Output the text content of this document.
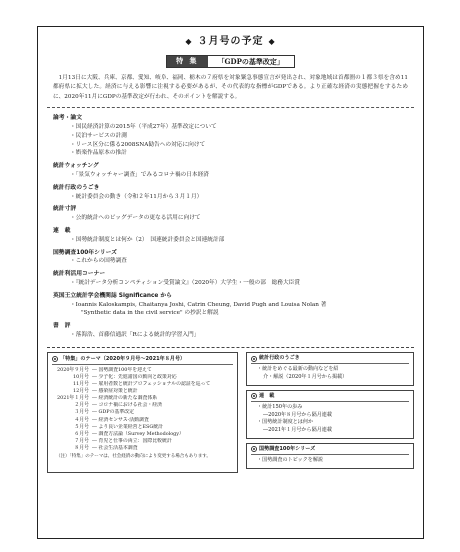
◆ ３月号の予定 ◆
特 集	「GDPの基準改定」

1月13日に大阪、兵庫、京都、愛知、岐阜、福岡、栃木の７府県を対象緊急事態宣言が発出され、対象地域は首都圏の１都３県を含め11都府県に拡大した。経済に与える影響に注視する必要があるが、その代表的な指標がGDPである。より正確な経済の実態把握をするために、2020年11月にGDPの基準改定が行われ、そのポイントを解説する。

論考・論文
・国民経済計算の2015年（平成27年）基準改定について
・民泊サービスの計測
・リース区分に係る2008SNA勧告への対応に向けて
・娯楽作品原本の推計
統計ウォッチング
・「景気ウォッチャー調査」でみるコロナ禍の日本経済
統計行政のうごき
・統計委員会の動き（令和２年11月から３月１月）
統計寸評
・公的統計へのビッグデータの更なる活用に向けて
連　載
・国勢統計制度とは何か（2）　国連統計委員会と国連統計部
国勢調査100年シリーズ
・これからの国勢調査
統計利活用コーナー
・『統計データ分析コンペティション受賞論文』（2020年）大学生・一般の部　総務大臣賞
英国王立統計学会機関誌 Significance から
・Ioannis Kaloskampis, Chaitanya Joshi, Catrin Cheung, David Pugh and Louisa Nolan 著
"Synthetic data in the civil service" の抄訳と解説
書　評
・落海浩、首藤信通訳「Rによる統計的学習入門」
「特集」のテーマ（2020年９月号～2021年８月号）
2020年９月号 ― 国勢調査100年を迎えて
10月号 ― 少子化：先進諸国の動向と政策対応
11月号 ― 雇用者数と統計プロフェッショナルの認証を巡って
12月号 ― 感染症対策と統計
2021年１月号 ― 経済統計の新たな調査体系
２月号 ― コロナ禍における社会・経済
３月号 ― GDPの基準改定
４月号 ― 経済センサス-活動調査
５月号 ― より良い企業経営とESG統計
６月号 ― 調査方法論（Survey Methodology）
７月号 ― 育児と仕事の両立：国際比較統計
８月号 ― 社会生活基本調査
（注）「特集」のテーマは、社会経済の動向により変更する場合もあります。
統計行政のうごき
・統計をめぐる最新の動向などを紹
介・解説（2020年１月号から掲載）
連　載
・統計150年の歩み
―2020年８月号から隔月連載
・国勢統計制度とは何か
―2021年１月号から隔月連載
国勢調査100年シリーズ
・国勢調査のトピックを解説
